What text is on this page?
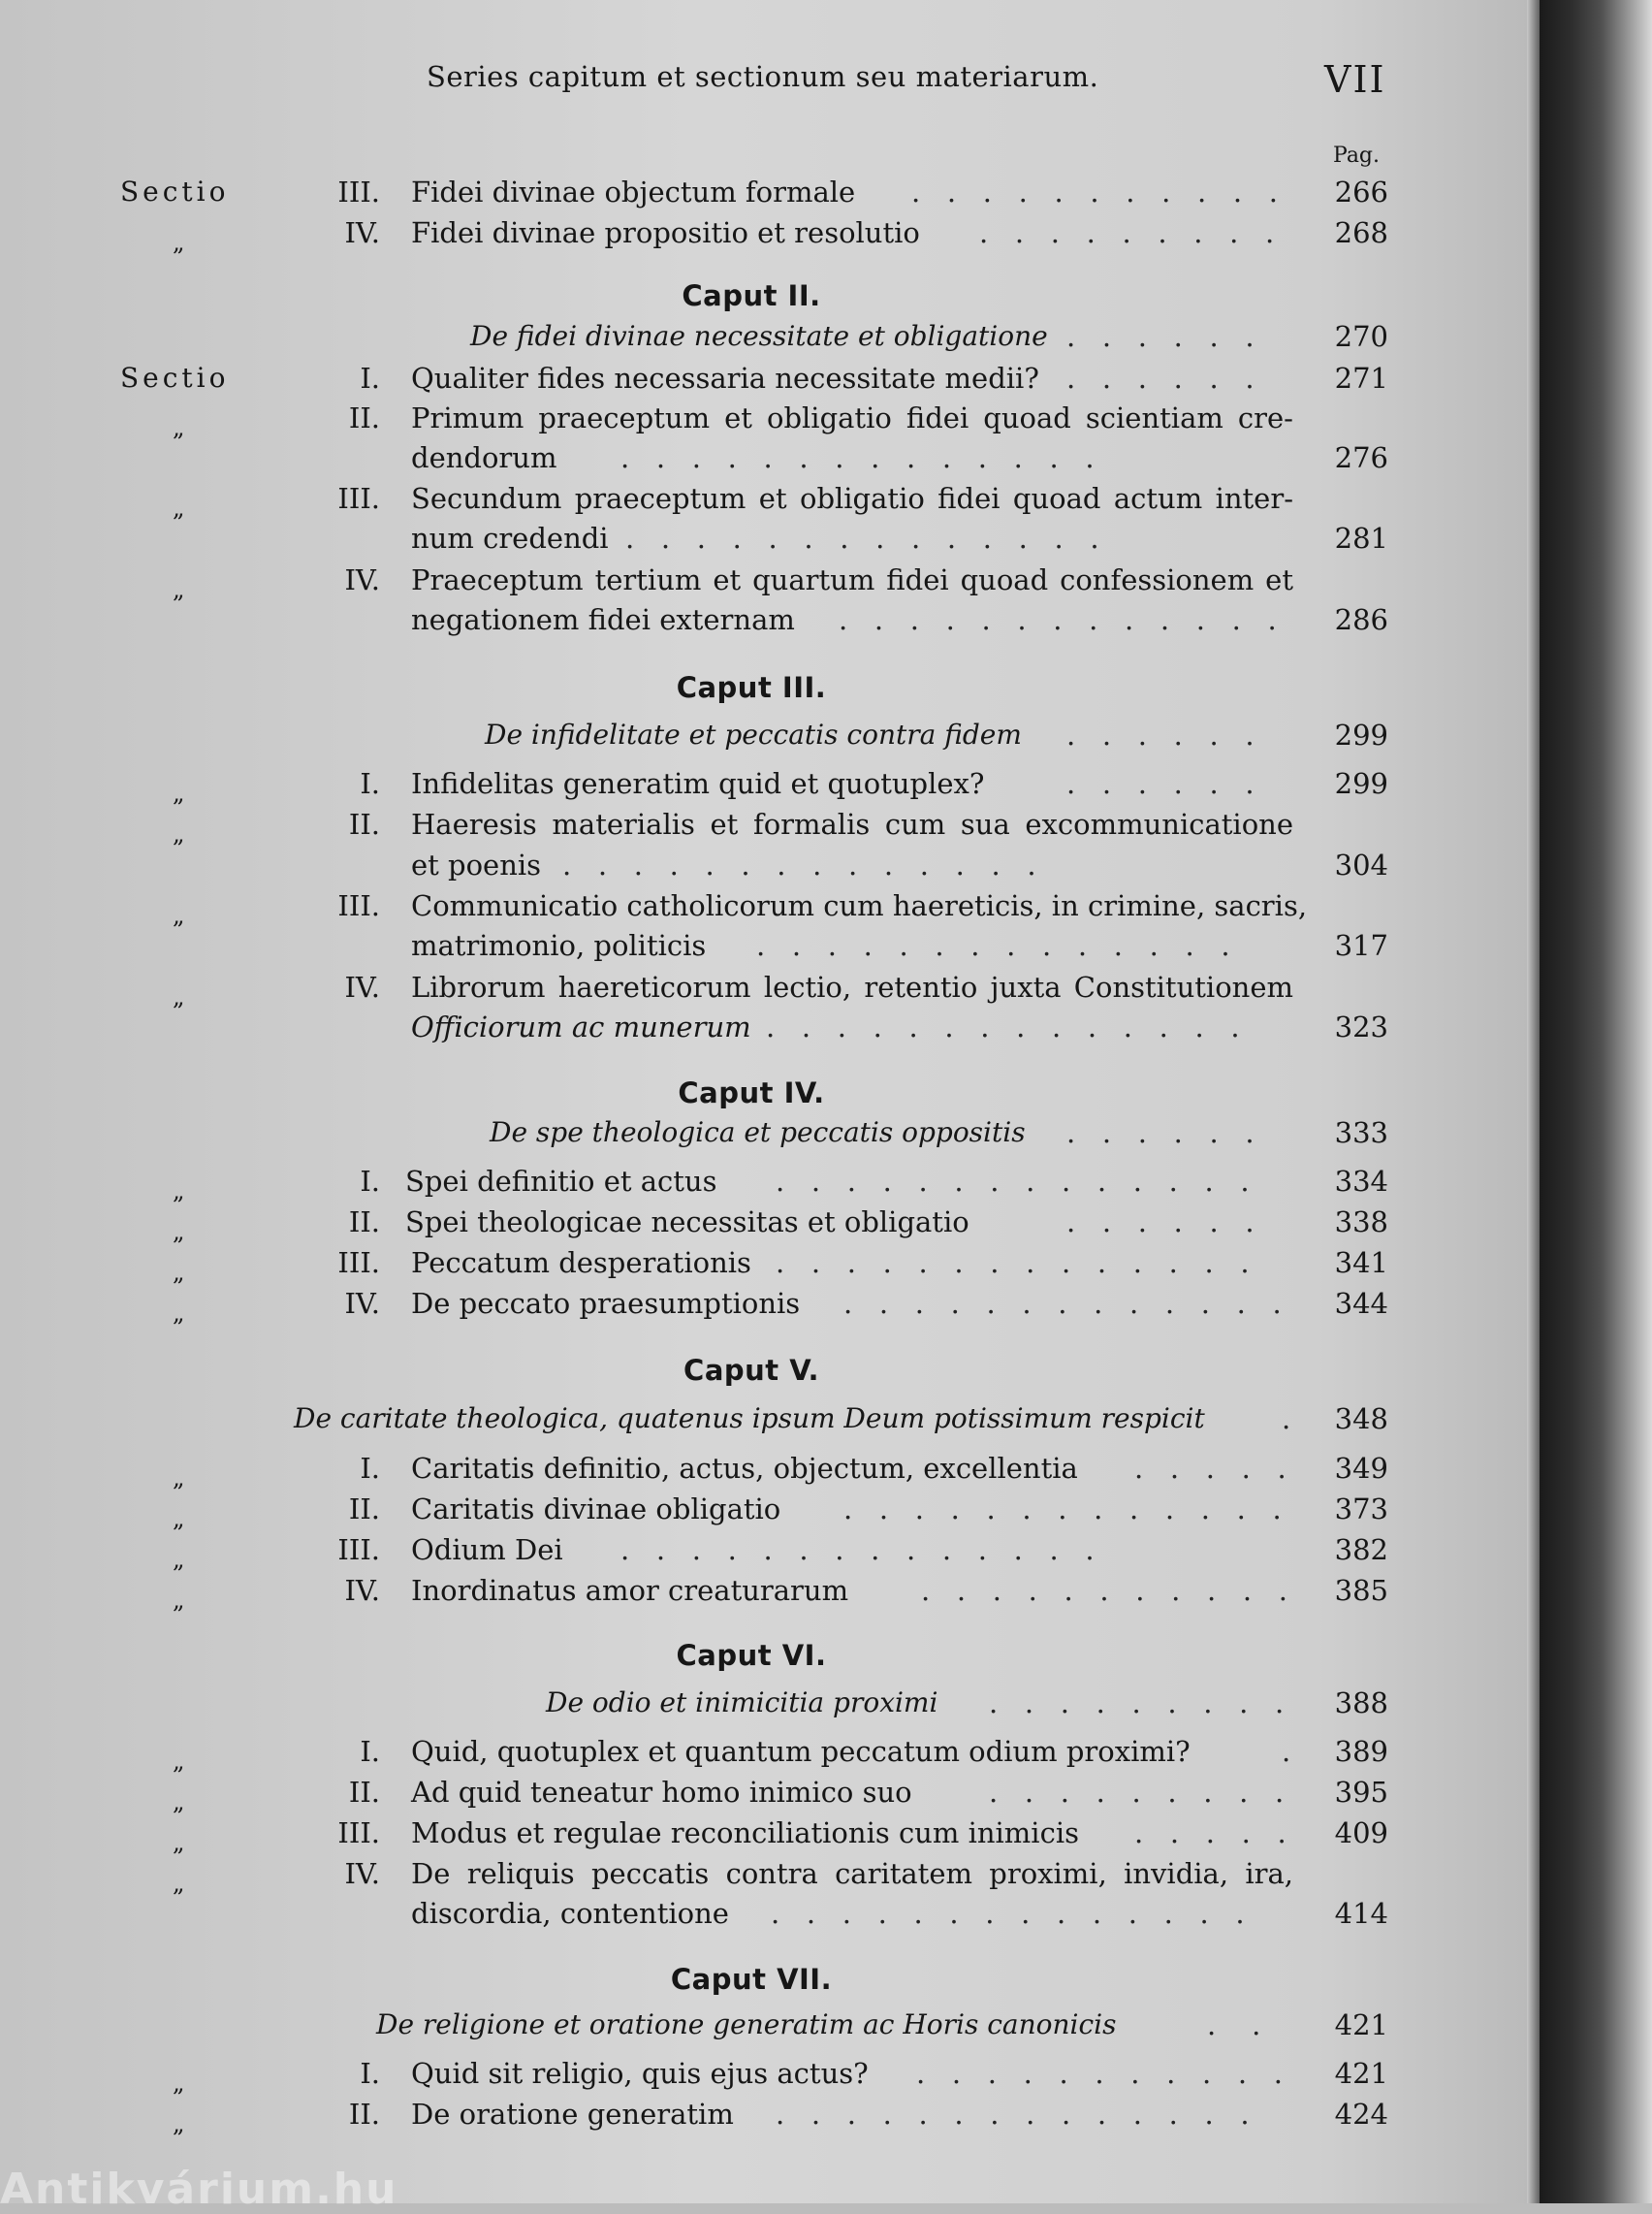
Series capitum et sectionum seu materiarum.	VII
Pag.
Sectio	III. Fidei divinae objectum formale .   .   .   .   .   .   .   .   .   .   .	266
„	IV. Fidei divinae propositio et resolutio .   .   .   .   .   .   .   .   .	268
Caput II.
De fidei divinae necessitate et obligatione .   .   .   .   .   .	270
Sectio	I. Qualiter fides necessaria necessitate medii? .   .   .   .   .   .	271
„	II. Primum praeceptum et obligatio fidei quoad scientiam cre-
dendorum .   .   .   .   .   .   .   .   .   .   .   .   .   .	276
„	III. Secundum praeceptum et obligatio fidei quoad actum inter-
num credendi .   .   .   .   .   .   .   .   .   .   .   .   .   .	281
„	IV. Praeceptum tertium et quartum fidei quoad confessionem et
negationem fidei externam .   .   .   .   .   .   .   .   .   .   .   .   .	286
Caput III.
De infidelitate et peccatis contra fidem .   .   .   .   .   .	299
„	I. Infidelitas generatim quid et quotuplex?	.   .   .   .   .   .	299
„	II. Haeresis materialis et formalis cum sua excommunicatione
et poenis .   .   .   .   .   .   .   .   .   .   .   .   .   .	304
„	III. Communicatio catholicorum cum haereticis, in crimine, sacris,
matrimonio, politicis .   .   .   .   .   .   .   .   .   .   .   .   .   .	317
„	IV. Librorum haereticorum lectio, retentio juxta Constitutionem
Officiorum ac munerum .   .   .   .   .   .   .   .   .   .   .   .   .   .	323
Caput IV.
De spe theologica et peccatis oppositis .   .   .   .   .   .	333
„	I. Spei definitio et actus .   .   .   .   .   .   .   .   .   .   .   .   .   .	334
„	II. Spei theologicae necessitas et obligatio	.   .   .   .   .   .	338
„	III. Peccatum desperationis .   .   .   .   .   .   .   .   .   .   .   .   .   .	341
„	IV. De peccato praesumptionis .   .   .   .   .   .   .   .   .   .   .   .   .	344
Caput V.
De caritate theologica, quatenus ipsum Deum potissimum respicit	.	348
„	I. Caritatis definitio, actus, objectum, excellentia .   .   .   .   .	349
„	II. Caritatis divinae obligatio .   .   .   .   .   .   .   .   .   .   .   .   .	373
„	III. Odium Dei .   .   .   .   .   .   .   .   .   .   .   .   .   .	382
„	IV. Inordinatus amor creaturarum	.   .   .   .   .   .   .   .   .   .   .	385
Caput VI.
De odio et inimicitia proximi .   .   .   .   .   .   .   .   .	388
„	I. Quid, quotuplex et quantum peccatum odium proximi?	.	389
„	II. Ad quid teneatur homo inimico suo	.   .   .   .   .   .   .   .   .	395
„	III. Modus et regulae reconciliationis cum inimicis .   .   .   .   .	409
„	IV. De reliquis peccatis contra caritatem proximi, invidia, ira,
discordia, contentione .   .   .   .   .   .   .   .   .   .   .   .   .   .	414
Caput VII.
De religione et oratione generatim ac Horis canonicis	.    .	421
„	I. Quid sit religio, quis ejus actus? .   .   .   .   .   .   .   .   .   .   .	421
„	II. De oratione generatim .   .   .   .   .   .   .   .   .   .   .   .   .   .	424
Antikvárium.hu
